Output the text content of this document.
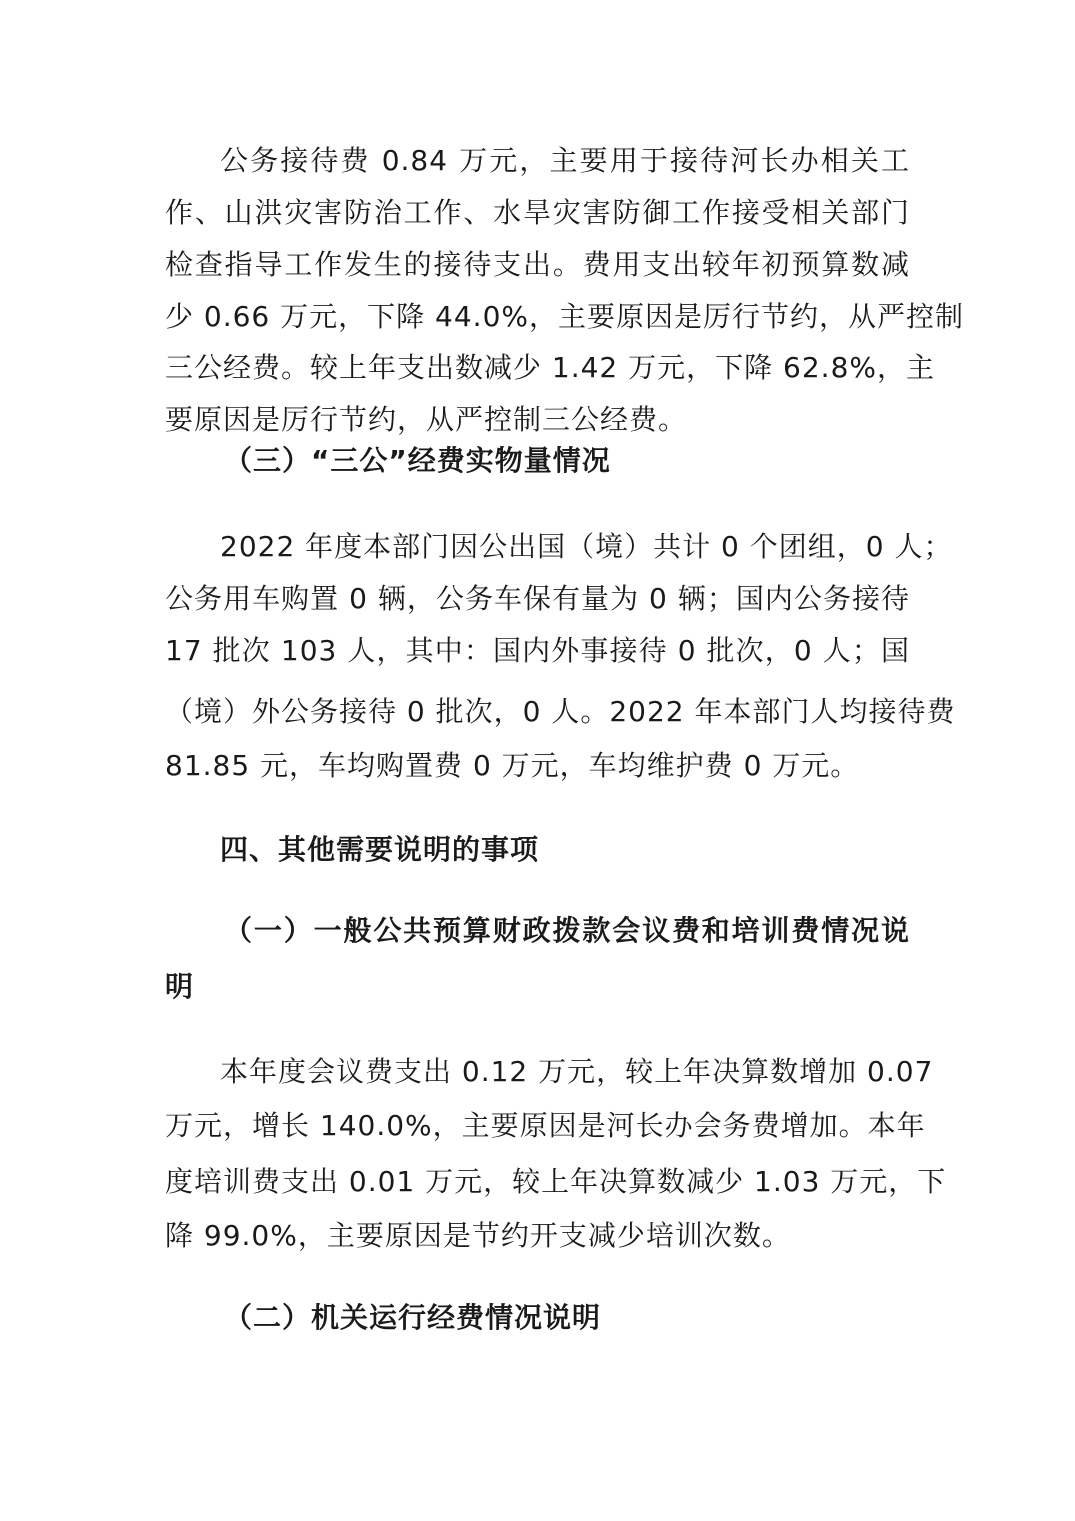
公务接待费 0.84 万元，主要用于接待河长办相关工
作、山洪灾害防治工作、水旱灾害防御工作接受相关部门
检查指导工作发生的接待支出。费用支出较年初预算数减
少 0.66 万元，下降 44.0%，主要原因是厉行节约，从严控制
三公经费。较上年支出数减少 1.42 万元，下降 62.8%，主
要原因是厉行节约，从严控制三公经费。
（三）“三公”经费实物量情况
2022 年度本部门因公出国（境）共计 0 个团组，0 人；
公务用车购置 0 辆，公务车保有量为 0 辆；国内公务接待
17 批次 103 人，其中：国内外事接待 0 批次，0 人；国
（境）外公务接待 0 批次，0 人。2022 年本部门人均接待费
81.85 元，车均购置费 0 万元，车均维护费 0 万元。
四、其他需要说明的事项
（一）一般公共预算财政拨款会议费和培训费情况说
明
本年度会议费支出 0.12 万元，较上年决算数增加 0.07
万元，增长 140.0%，主要原因是河长办会务费增加。本年
度培训费支出 0.01 万元，较上年决算数减少 1.03 万元，下
降 99.0%，主要原因是节约开支减少培训次数。
（二）机关运行经费情况说明
